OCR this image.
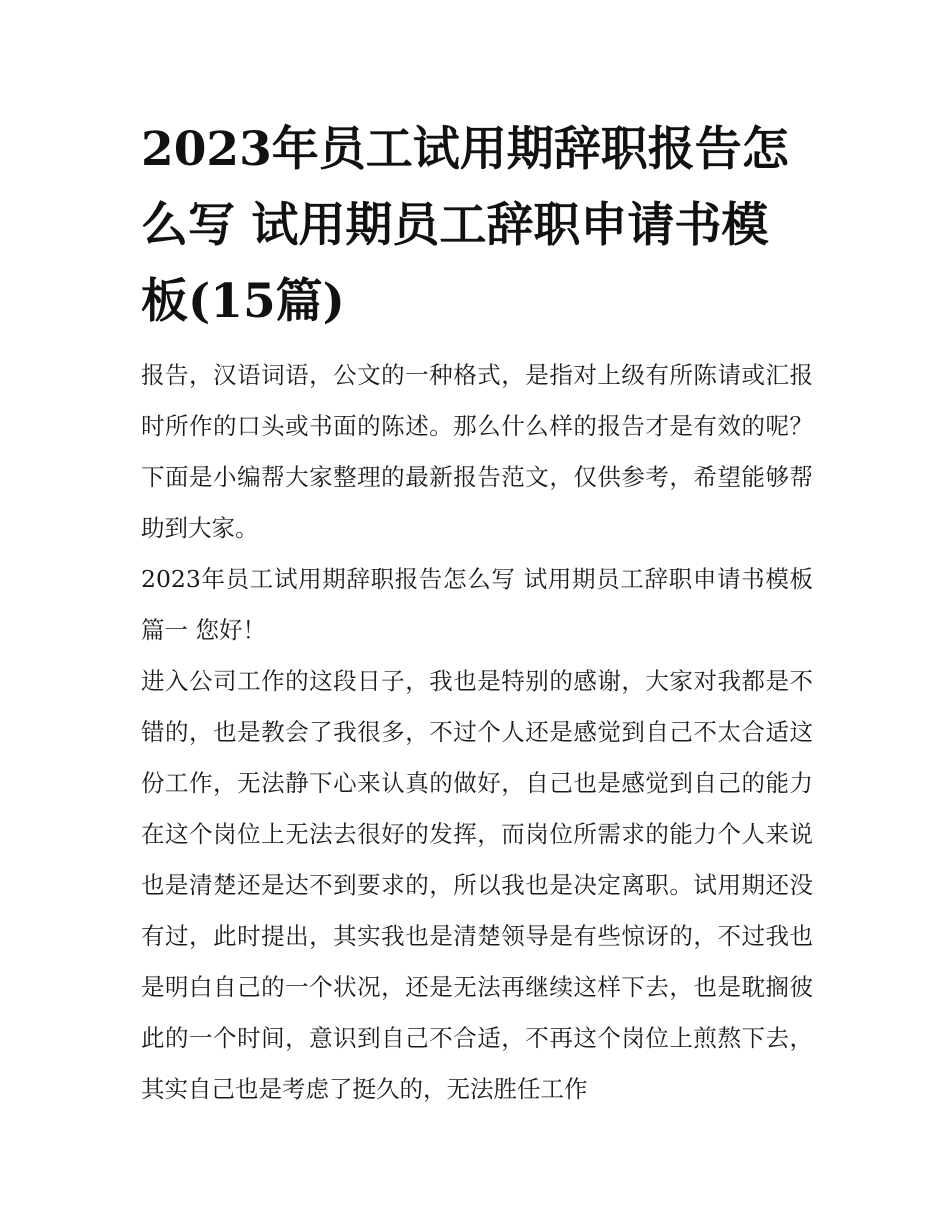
2023年员工试用期辞职报告怎么写 试用期员工辞职申请书模板(15篇)

报告，汉语词语，公文的一种格式，是指对上级有所陈请或汇报时所作的口头或书面的陈述。那么什么样的报告才是有效的呢？下面是小编帮大家整理的最新报告范文，仅供参考，希望能够帮助到大家。

2023年员工试用期辞职报告怎么写 试用期员工辞职申请书模板篇一 您好！

进入公司工作的这段日子，我也是特别的感谢，大家对我都是不错的，也是教会了我很多，不过个人还是感觉到自己不太合适这份工作，无法静下心来认真的做好，自己也是感觉到自己的能力在这个岗位上无法去很好的发挥，而岗位所需求的能力个人来说也是清楚还是达不到要求的，所以我也是决定离职。试用期还没有过，此时提出，其实我也是清楚领导是有些惊讶的，不过我也是明白自己的一个状况，还是无法再继续这样下去，也是耽搁彼此的一个时间，意识到自己不合适，不再这个岗位上煎熬下去，其实自己也是考虑了挺久的，无法胜任工作
